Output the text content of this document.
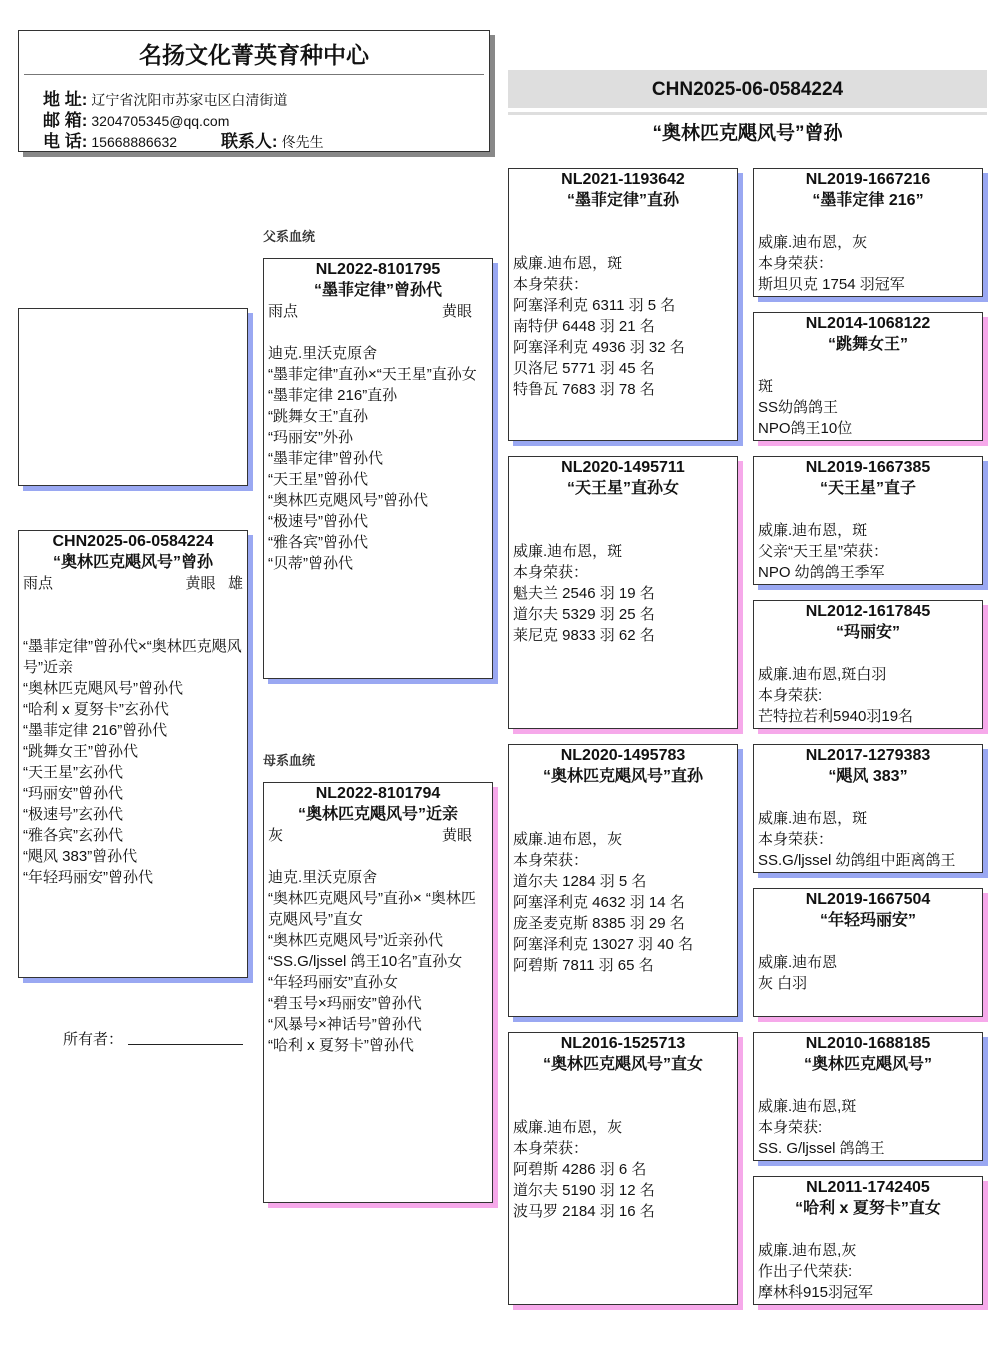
名扬文化菁英育种中心
地 址: 辽宁省沈阳市苏家屯区白清街道
邮 箱: 3204705345@qq.com
电 话: 15668886632	联系人: 佟先生
CHN2025-06-0584224
“奥林匹克飓风号”曾孙
CHN2025-06-0584224
“奥林匹克飓风号”曾孙
雨点	黄眼 雄
“墨菲定律”曾孙代×“奥林匹克飓风号”近亲
“奥林匹克飓风号”曾孙代
“哈利 x 夏努卡”玄孙代
“墨菲定律 216”曾孙代
“跳舞女王”曾孙代
“天王星”玄孙代
“玛丽安”曾孙代
“极速号”玄孙代
“雅各宾”玄孙代
“飓风 383”曾孙代
“年轻玛丽安”曾孙代
所有者：
父系血统
NL2022-8101795
“墨菲定律”曾孙代
雨点	黄眼
迪克.里沃克原舍
“墨菲定律”直孙×“天王星”直孙女
“墨菲定律 216”直孙
“跳舞女王”直孙
“玛丽安”外孙
“墨菲定律”曾孙代
“天王星”曾孙代
“奥林匹克飓风号”曾孙代
“极速号”曾孙代
“雅各宾”曾孙代
“贝蒂”曾孙代
母系血统
NL2022-8101794
“奥林匹克飓风号”近亲
灰	黄眼
迪克.里沃克原舍
“奥林匹克飓风号”直孙× “奥林匹克飓风号”直女
“奥林匹克飓风号”近亲孙代
“SS.G/ljssel 鸽王10名”直孙女
“年轻玛丽安”直孙女
“碧玉号×玛丽安”曾孙代
“风暴号×神话号”曾孙代
“哈利 x 夏努卡”曾孙代
NL2021-1193642
“墨菲定律”直孙
威廉.迪布恩，斑
本身荣获：
阿塞泽利克 6311 羽 5 名
南特伊 6448 羽 21 名
阿塞泽利克 4936 羽 32 名
贝洛尼 5771 羽 45 名
特鲁瓦 7683 羽 78 名
NL2020-1495711
“天王星”直孙女
威廉.迪布恩，斑
本身荣获：
魁夫兰 2546 羽 19 名
道尔夫 5329 羽 25 名
莱尼克 9833 羽 62 名
NL2020-1495783
“奥林匹克飓风号”直孙
威廉.迪布恩，灰
本身荣获：
道尔夫 1284 羽 5 名
阿塞泽利克 4632 羽 14 名
庞圣麦克斯 8385 羽 29 名
阿塞泽利克 13027 羽 40 名
阿碧斯 7811 羽 65 名
NL2016-1525713
“奥林匹克飓风号”直女
威廉.迪布恩，灰
本身荣获：
阿碧斯 4286 羽 6 名
道尔夫 5190 羽 12 名
波马罗 2184 羽 16 名
NL2019-1667216
“墨菲定律 216”
威廉.迪布恩，灰
本身荣获：
斯坦贝克 1754 羽冠军
NL2014-1068122
“跳舞女王”
斑
SS幼鸽鸽王
NPO鸽王10位
NL2019-1667385
“天王星”直子
威廉.迪布恩，斑
父亲“天王星”荣获：
NPO 幼鸽鸽王季军
NL2012-1617845
“玛丽安”
威廉.迪布恩,斑白羽
本身荣获:
芒特拉若利5940羽19名
NL2017-1279383
“飓风 383”
威廉.迪布恩，斑
本身荣获：
SS.G/ljssel 幼鸽组中距离鸽王
NL2019-1667504
“年轻玛丽安”
威廉.迪布恩
灰 白羽
NL2010-1688185
“奥林匹克飓风号”
威廉.迪布恩,斑
本身荣获:
SS. G/ljssel 鸽鸽王
NL2011-1742405
“哈利 x 夏努卡”直女
威廉.迪布恩,灰
作出子代荣获:
摩林科915羽冠军
